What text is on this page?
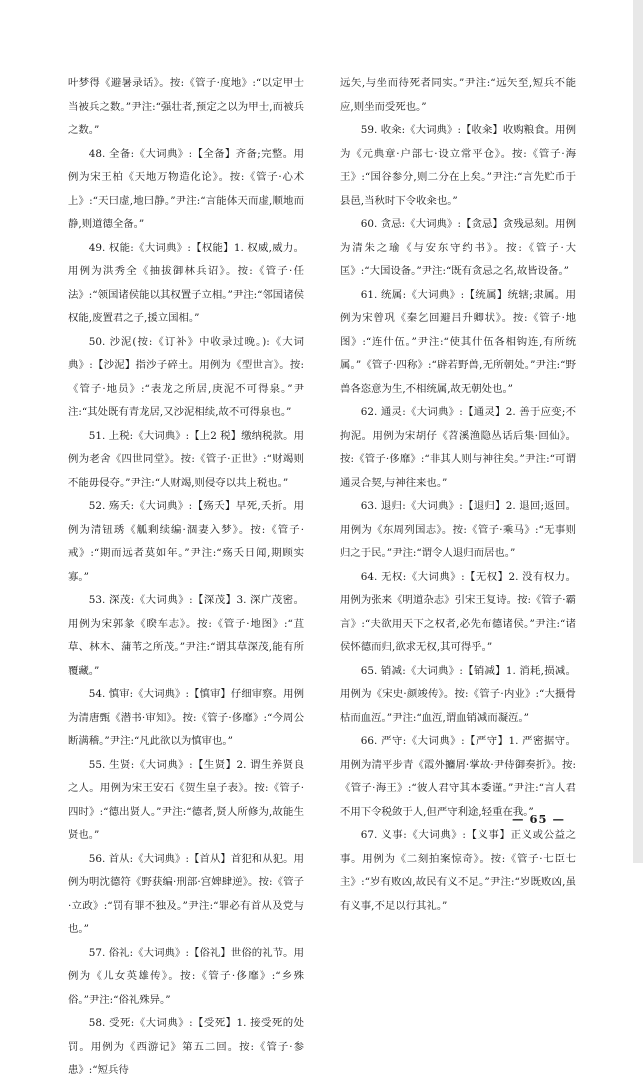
叶梦得《避暑录话》。按:《管子·度地》:“以定甲士当被兵之数。”尹注:“强壮者,预定之以为甲士,而被兵之数。”

48. 全备:《大词典》:【全备】齐备;完整。用例为宋王柏《天地万物造化论》。按:《管子·心术上》:“天曰虚,地曰静。”尹注:“言能体天而虚,顺地而静,则道德全备。”

49. 权能:《大词典》:【权能】1. 权威,威力。用例为洪秀全《抽拔御林兵诏》。按:《管子·任法》:“领国诸侯能以其权置子立相。”尹注:“邻国诸侯权能,废置君之子,援立国相。”

50. 沙泥(按:《订补》中收录过晚。):《大词典》:【沙泥】指沙子碎土。用例为《型世言》。按:《管子·地员》:“表龙之所居,庚泥不可得泉。”尹注:“其处既有青龙居,又沙泥相续,故不可得泉也。”

51. 上税:《大词典》:【上2 税】缴纳税款。用例为老舍《四世同堂》。按:《管子·正世》:“财竭则不能毋侵夺。”尹注:“人财竭,则侵夺以共上税也。”

52. 殇夭:《大词典》:【殇夭】早死,夭折。用例为清钮琇《觚剩续编·涸妻入梦》。按:《管子·戒》:“期而远者莫如年。”尹注:“殇夭日闻,期顾实寡。”

53. 深茂:《大词典》:【深茂】3. 深广茂密。用例为宋郭彖《睽车志》。按:《管子·地图》:“苴草、林木、蒲苇之所茂。”尹注:“谓其草深茂,能有所覆藏。”

54. 慎审:《大词典》:【慎审】仔细审察。用例为清唐甄《潜书·审知》。按:《管子·侈靡》:“今周公断满稽。”尹注:“凡此欲以为慎审也。”

55. 生贤:《大词典》:【生贤】2. 谓生养贤良之人。用例为宋王安石《贺生皇子表》。按:《管子·四时》:“德出贤人。”尹注:“德者,贤人所修为,故能生贤也。”

56. 首从:《大词典》:【首从】首犯和从犯。用例为明沈德符《野获编·刑部·宫婢肆逆》。按:《管子·立政》:“罚有罪不独及。”尹注:“罪必有首从及党与也。”

57. 俗礼:《大词典》:【俗礼】世俗的礼节。用例为《儿女英雄传》。按:《管子·侈靡》:“乡殊俗。”尹注:“俗礼殊异。”

58. 受死:《大词典》:【受死】1. 接受死的处罚。用例为《西游记》第五二回。按:《管子·参患》:“短兵待

远矢,与坐而待死者同实。”尹注:“远矢至,短兵不能应,则坐而受死也。”

59. 收籴:《大词典》:【收籴】收购粮食。用例为《元典章·户部七·设立常平仓》。按:《管子·海王》:“国谷参分,则二分在上矣。”尹注:“言先贮币于县邑,当秋时下令收籴也。”

60. 贪忌:《大词典》:【贪忌】贪残忌刻。用例为清朱之瑜《与安东守约书》。按:《管子·大匡》:“大国设备。”尹注:“既有贪忌之名,故皆设备。”

61. 统属:《大词典》:【统属】统辖;隶属。用例为宋曾巩《秦乞回避吕升卿状》。按:《管子·地图》:“连什伍。”尹注:“使其什伍各相钩连,有所统属。”《管子·四称》:“辟若野兽,无所朝处。”尹注:“野兽各恣意为生,不相统属,故无朝处也。”

62. 通灵:《大词典》:【通灵】2. 善于应变;不拘泥。用例为宋胡仔《苕溪渔隐丛话后集·回仙》。按:《管子·侈靡》:“非其人则与神往矣。”尹注:“可谓通灵合契,与神往来也。”

63. 退归:《大词典》:【退归】2. 退回;返回。用例为《东周列国志》。按:《管子·乘马》:“无事则归之于民。”尹注:“谓令人退归而居也。”

64. 无权:《大词典》:【无权】2. 没有权力。用例为张来《明道杂志》引宋王复诗。按:《管子·霸言》:“夫欲用天下之权者,必先布德诸侯。”尹注:“诸侯怀德而归,欲求无权,其可得乎。”

65. 销减:《大词典》:【销减】1. 消耗,损减。用例为《宋史·颜竣传》。按:《管子·内业》:“大摄骨枯而血沍。”尹注:“血沍,谓血销减而凝沍。”

66. 严守:《大词典》:【严守】1. 严密据守。用例为清平步青《霞外攟屑·掌故·尹侍御奏折》。按:《管子·海王》:“彼人君守其本委谨。”尹注:“言人君不用下令税敛于人,但严守利途,轻重在我。”

67. 义事:《大词典》:【义事】正义或公益之事。用例为《二刻拍案惊奇》。按:《管子·七臣七主》:“岁有败凶,故民有义不足。”尹注:“岁既败凶,虽有义事,不足以行其礼。”

— 65 —
